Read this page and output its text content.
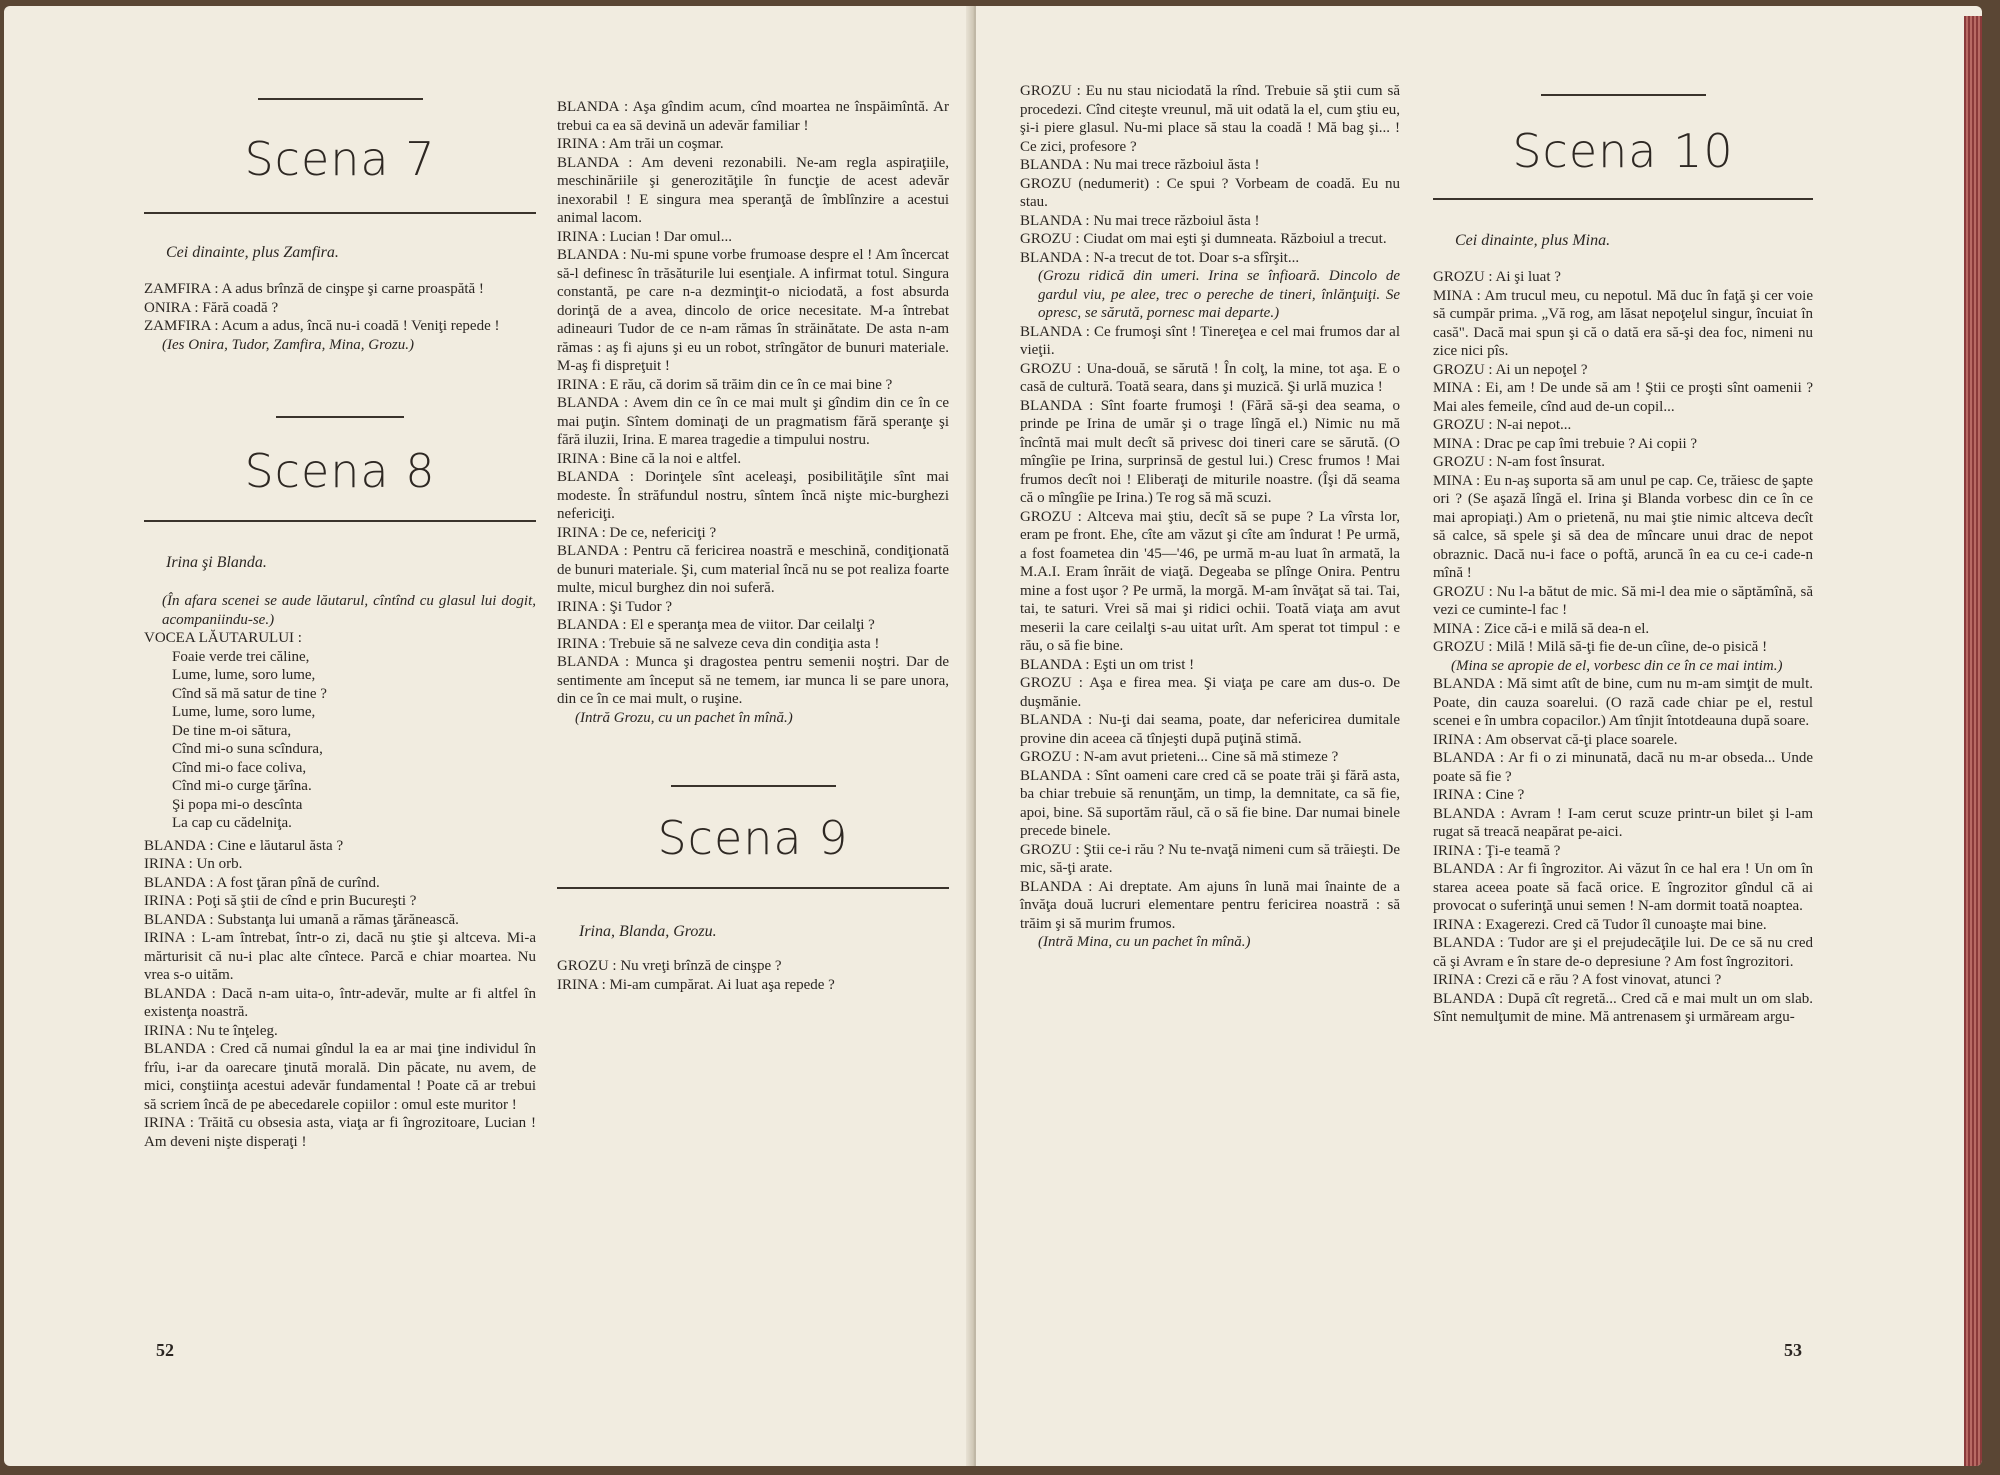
Scena 7

Cei dinainte, plus Zamfira.

ZAMFIRA : A adus brînză de cinşpe şi carne proaspătă !

ONIRA : Fără coadă ?

ZAMFIRA : Acum a adus, încă nu-i coadă ! Veniţi repede !

(Ies Onira, Tudor, Zamfira, Mina, Grozu.)

Scena 8

Irina şi Blanda.

(În afara scenei se aude lăutarul, cîntînd cu glasul lui dogit, acompaniindu-se.)

VOCEA LĂUTARULUI :

Foaie verde trei căline,
Lume, lume, soro lume,
Cînd să mă satur de tine ?
Lume, lume, soro lume,
De tine m-oi sătura,
Cînd mi-o suna scîndura,
Cînd mi-o face coliva,
Cînd mi-o curge ţărîna.
Şi popa mi-o descînta
La cap cu cădelniţa.

BLANDA : Cine e lăutarul ăsta ?

IRINA : Un orb.

BLANDA : A fost ţăran pînă de curînd.

IRINA : Poţi să ştii de cînd e prin Bucureşti ?

BLANDA : Substanţa lui umană a rămas ţărănească.

IRINA : L-am întrebat, într-o zi, dacă nu ştie şi altceva. Mi-a mărturisit că nu-i plac alte cîntece. Parcă e chiar moartea. Nu vrea s-o uităm.

BLANDA : Dacă n-am uita-o, într-adevăr, multe ar fi altfel în existenţa noastră.

IRINA : Nu te înţeleg.

BLANDA : Cred că numai gîndul la ea ar mai ţine individul în frîu, i-ar da oarecare ţinută morală. Din păcate, nu avem, de mici, conştiinţa acestui adevăr fundamental ! Poate că ar trebui să scriem încă de pe abecedarele copiilor : omul este muritor !

IRINA : Trăită cu obsesia asta, viaţa ar fi îngrozitoare, Lucian ! Am deveni nişte disperaţi !

BLANDA : Aşa gîndim acum, cînd moartea ne înspăimîntă. Ar trebui ca ea să devină un adevăr familiar !

IRINA : Am trăi un coşmar.

BLANDA : Am deveni rezonabili. Ne-am regla aspiraţiile, meschinăriile şi generozităţile în funcţie de acest adevăr inexorabil ! E singura mea speranţă de îmblînzire a acestui animal lacom.

IRINA : Lucian ! Dar omul...

BLANDA : Nu-mi spune vorbe frumoase despre el ! Am încercat să-l definesc în trăsăturile lui esenţiale. A infirmat totul. Singura constantă, pe care n-a dezminţit-o niciodată, a fost absurda dorinţă de a avea, dincolo de orice necesitate. M-a întrebat adineauri Tudor de ce n-am rămas în străinătate. De asta n-am rămas : aş fi ajuns şi eu un robot, strîngător de bunuri materiale. M-aş fi dispreţuit !

IRINA : E rău, că dorim să trăim din ce în ce mai bine ?

BLANDA : Avem din ce în ce mai mult şi gîndim din ce în ce mai puţin. Sîntem dominaţi de un pragmatism fără speranţe şi fără iluzii, Irina. E marea tragedie a timpului nostru.

IRINA : Bine că la noi e altfel.

BLANDA : Dorinţele sînt aceleaşi, posibilităţile sînt mai modeste. În străfundul nostru, sîntem încă nişte mic-burghezi nefericiţi.

IRINA : De ce, nefericiţi ?

BLANDA : Pentru că fericirea noastră e meschină, condiţionată de bunuri materiale. Şi, cum material încă nu se pot realiza foarte multe, micul burghez din noi suferă.

IRINA : Şi Tudor ?

BLANDA : El e speranţa mea de viitor. Dar ceilalţi ?

IRINA : Trebuie să ne salveze ceva din condiţia asta !

BLANDA : Munca şi dragostea pentru semenii noştri. Dar de sentimente am început să ne temem, iar munca li se pare unora, din ce în ce mai mult, o ruşine.

(Intră Grozu, cu un pachet în mînă.)

Scena 9

Irina, Blanda, Grozu.

GROZU : Nu vreţi brînză de cinşpe ?

IRINA : Mi-am cumpărat. Ai luat aşa repede ?

52

GROZU : Eu nu stau niciodată la rînd. Trebuie să ştii cum să procedezi. Cînd citeşte vreunul, mă uit odată la el, cum ştiu eu, şi-i piere glasul. Nu-mi place să stau la coadă ! Mă bag şi... ! Ce zici, profesore ?

BLANDA : Nu mai trece războiul ăsta !

GROZU (nedumerit) : Ce spui ? Vorbeam de coadă. Eu nu stau.

BLANDA : Nu mai trece războiul ăsta !

GROZU : Ciudat om mai eşti şi dumneata. Războiul a trecut.

BLANDA : N-a trecut de tot. Doar s-a sfîrşit...

(Grozu ridică din umeri. Irina se înfioară. Dincolo de gardul viu, pe alee, trec o pereche de tineri, înlănţuiţi. Se opresc, se sărută, pornesc mai departe.)

BLANDA : Ce frumoşi sînt ! Tinereţea e cel mai frumos dar al vieţii.

GROZU : Una-două, se sărută ! În colţ, la mine, tot aşa. E o casă de cultură. Toată seara, dans şi muzică. Şi urlă muzica !

BLANDA : Sînt foarte frumoşi ! (Fără să-şi dea seama, o prinde pe Irina de umăr şi o trage lîngă el.) Nimic nu mă încîntă mai mult decît să privesc doi tineri care se sărută. (O mîngîie pe Irina, surprinsă de gestul lui.) Cresc frumos ! Mai frumos decît noi ! Eliberaţi de miturile noastre. (Îşi dă seama că o mîngîie pe Irina.) Te rog să mă scuzi.

GROZU : Altceva mai ştiu, decît să se pupe ? La vîrsta lor, eram pe front. Ehe, cîte am văzut şi cîte am îndurat ! Pe urmă, a fost foametea din '45—'46, pe urmă m-au luat în armată, la M.A.I. Eram înrăit de viaţă. Degeaba se plînge Onira. Pentru mine a fost uşor ? Pe urmă, la morgă. M-am învăţat să tai. Tai, tai, te saturi. Vrei să mai şi ridici ochii. Toată viaţa am avut meserii la care ceilalţi s-au uitat urît. Am sperat tot timpul : e rău, o să fie bine.

BLANDA : Eşti un om trist !

GROZU : Aşa e firea mea. Şi viaţa pe care am dus-o. De duşmănie.

BLANDA : Nu-ţi dai seama, poate, dar nefericirea dumitale provine din aceea că tînjeşti după puţină stimă.

GROZU : N-am avut prieteni... Cine să mă stimeze ?

BLANDA : Sînt oameni care cred că se poate trăi şi fără asta, ba chiar trebuie să renunţăm, un timp, la demnitate, ca să fie, apoi, bine. Să suportăm răul, că o să fie bine. Dar numai binele precede binele.

GROZU : Ştii ce-i rău ? Nu te-nvaţă nimeni cum să trăieşti. De mic, să-ţi arate.

BLANDA : Ai dreptate. Am ajuns în lună mai înainte de a învăţa două lucruri elementare pentru fericirea noastră : să trăim şi să murim frumos.

(Intră Mina, cu un pachet în mînă.)

Scena 10

Cei dinainte, plus Mina.

GROZU : Ai şi luat ?

MINA : Am trucul meu, cu nepotul. Mă duc în faţă şi cer voie să cumpăr prima. „Vă rog, am lăsat nepoţelul singur, încuiat în casă". Dacă mai spun şi că o dată era să-şi dea foc, nimeni nu zice nici pîs.

GROZU : Ai un nepoţel ?

MINA : Ei, am ! De unde să am ! Ştii ce proşti sînt oamenii ? Mai ales femeile, cînd aud de-un copil...

GROZU : N-ai nepot...

MINA : Drac pe cap îmi trebuie ? Ai copii ?

GROZU : N-am fost însurat.

MINA : Eu n-aş suporta să am unul pe cap. Ce, trăiesc de şapte ori ? (Se aşază lîngă el. Irina şi Blanda vorbesc din ce în ce mai apropiaţi.) Am o prietenă, nu mai ştie nimic altceva decît să calce, să spele şi să dea de mîncare unui drac de nepot obraznic. Dacă nu-i face o poftă, aruncă în ea cu ce-i cade-n mînă !

GROZU : Nu l-a bătut de mic. Să mi-l dea mie o săptămînă, să vezi ce cuminte-l fac !

MINA : Zice că-i e milă să dea-n el.

GROZU : Milă ! Milă să-ţi fie de-un cîine, de-o pisică !

(Mina se apropie de el, vorbesc din ce în ce mai intim.)

BLANDA : Mă simt atît de bine, cum nu m-am simţit de mult. Poate, din cauza soarelui. (O rază cade chiar pe el, restul scenei e în umbra copacilor.) Am tînjit întotdeauna după soare.

IRINA : Am observat că-ţi place soarele.

BLANDA : Ar fi o zi minunată, dacă nu m-ar obseda... Unde poate să fie ?

IRINA : Cine ?

BLANDA : Avram ! I-am cerut scuze printr-un bilet şi l-am rugat să treacă neapărat pe-aici.

IRINA : Ţi-e teamă ?

BLANDA : Ar fi îngrozitor. Ai văzut în ce hal era ! Un om în starea aceea poate să facă orice. E îngrozitor gîndul că ai provocat o suferinţă unui semen ! N-am dormit toată noaptea.

IRINA : Exagerezi. Cred că Tudor îl cunoaşte mai bine.

BLANDA : Tudor are şi el prejudecăţile lui. De ce să nu cred că şi Avram e în stare de-o depresiune ? Am fost îngrozitori.

IRINA : Crezi că e rău ? A fost vinovat, atunci ?

BLANDA : După cît regretă... Cred că e mai mult un om slab. Sînt nemulţumit de mine. Mă antrenasem şi urmăream argu-

53
